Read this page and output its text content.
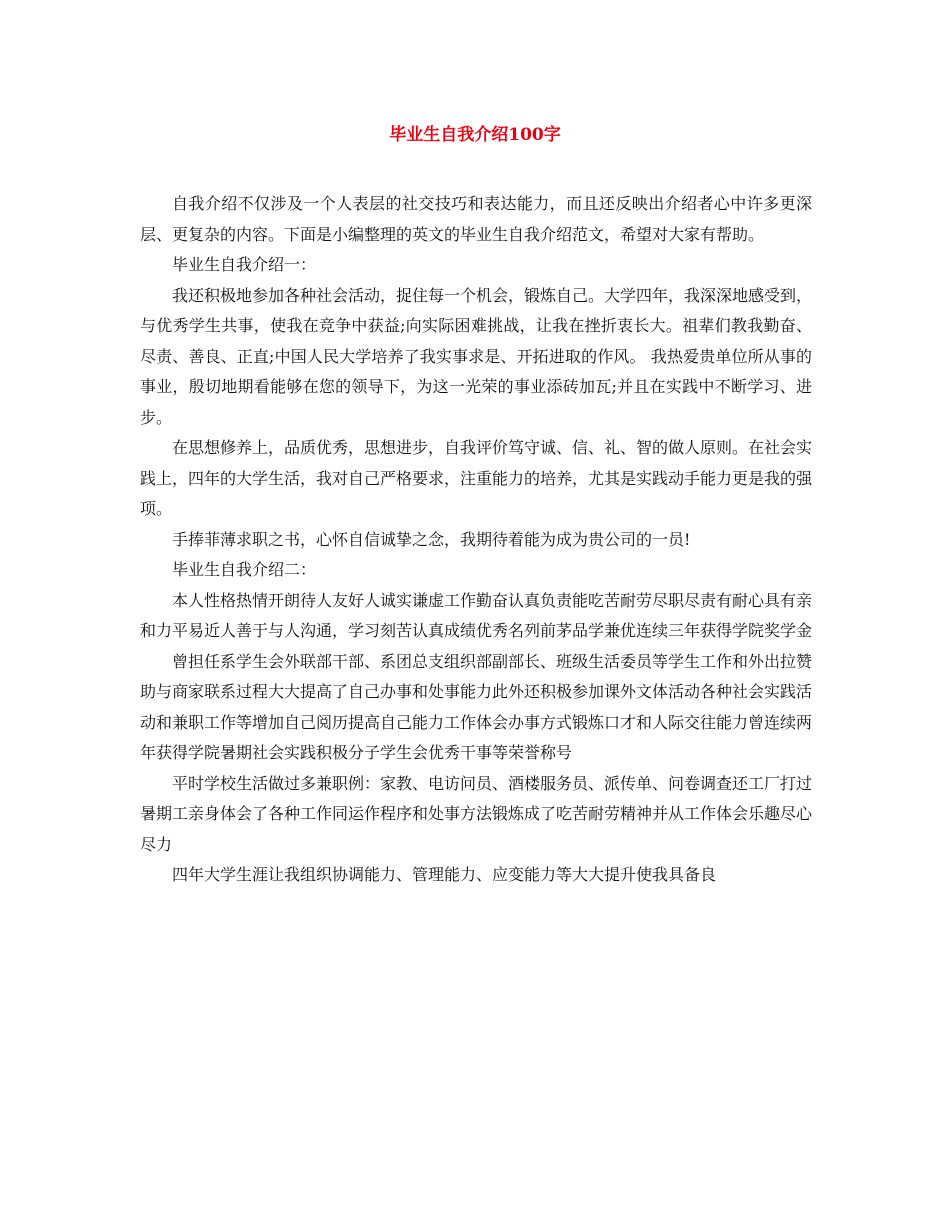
毕业生自我介绍100字

自我介绍不仅涉及一个人表层的社交技巧和表达能力，而且还反映出介绍者心中许多更深层、更复杂的内容。下面是小编整理的英文的毕业生自我介绍范文，希望对大家有帮助。

毕业生自我介绍一：

我还积极地参加各种社会活动，捉住每一个机会，锻炼自己。大学四年，我深深地感受到，与优秀学生共事，使我在竞争中获益;向实际困难挑战，让我在挫折衷长大。祖辈们教我勤奋、尽责、善良、正直;中国人民大学培养了我实事求是、开拓进取的作风。 我热爱贵单位所从事的事业，殷切地期看能够在您的领导下，为这一光荣的事业添砖加瓦;并且在实践中不断学习、进步。

在思想修养上，品质优秀，思想进步，自我评价笃守诚、信、礼、智的做人原则。在社会实践上，四年的大学生活，我对自己严格要求，注重能力的培养，尤其是实践动手能力更是我的强项。

手捧菲薄求职之书，心怀自信诚挚之念，我期待着能为成为贵公司的一员!

毕业生自我介绍二：

本人性格热情开朗待人友好人诚实谦虚工作勤奋认真负责能吃苦耐劳尽职尽责有耐心具有亲和力平易近人善于与人沟通，学习刻苦认真成绩优秀名列前茅品学兼优连续三年获得学院奖学金

曾担任系学生会外联部干部、系团总支组织部副部长、班级生活委员等学生工作和外出拉赞助与商家联系过程大大提高了自己办事和处事能力此外还积极参加课外文体活动各种社会实践活动和兼职工作等增加自己阅历提高自己能力工作体会办事方式锻炼口才和人际交往能力曾连续两年获得学院暑期社会实践积极分子学生会优秀干事等荣誉称号

平时学校生活做过多兼职例：家教、电访问员、酒楼服务员、派传单、问卷调查还工厂打过暑期工亲身体会了各种工作同运作程序和处事方法锻炼成了吃苦耐劳精神并从工作体会乐趣尽心尽力

四年大学生涯让我组织协调能力、管理能力、应变能力等大大提升使我具备良
